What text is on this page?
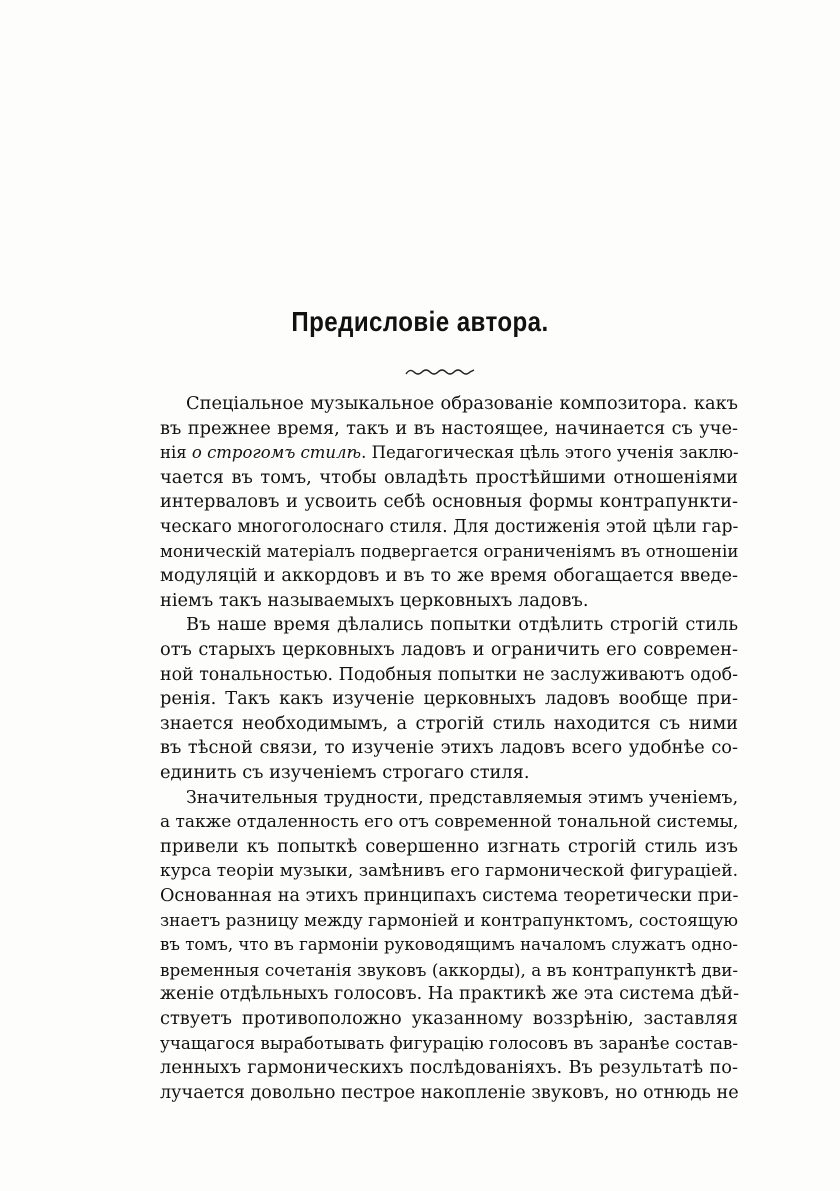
Предисловіе автора.
Спеціальное музыкальное образованіе композитора. какъ
въ прежнее время, такъ и въ настоящее, начинается съ уче-
нія о строгомъ стилѣ. Педагогическая цѣль этого ученія заклю-
чается въ томъ, чтобы овладѣть простѣйшими отношеніями
интерваловъ и усвоить себѣ основныя формы контрапункти-
ческаго многоголоснаго стиля. Для достиженія этой цѣли гар-
моническій матеріалъ подвергается ограниченіямъ въ отношеніи
модуляцій и аккордовъ и въ то же время обогащается введе-
ніемъ такъ называемыхъ церковныхъ ладовъ.
Въ наше время дѣлались попытки отдѣлить строгій стиль
отъ старыхъ церковныхъ ладовъ и ограничить его современ-
ной тональностью. Подобныя попытки не заслуживаютъ одоб-
ренія. Такъ какъ изученіе церковныхъ ладовъ вообще при-
знается необходимымъ, а строгій стиль находится съ ними
въ тѣсной связи, то изученіе этихъ ладовъ всего удобнѣе со-
единить съ изученіемъ строгаго стиля.
Значительныя трудности, представляемыя этимъ ученіемъ,
а также отдаленность его отъ современной тональной системы,
привели къ попыткѣ совершенно изгнать строгій стиль изъ
курса теоріи музыки, замѣнивъ его гармонической фигураціей.
Основанная на этихъ принципахъ система теоретически при-
знаетъ разницу между гармоніей и контрапунктомъ, состоящую
въ томъ, что въ гармоніи руководящимъ началомъ служатъ одно-
временныя сочетанія звуковъ (аккорды), а въ контрапунктѣ дви-
женіе отдѣльныхъ голосовъ. На практикѣ же эта система дѣй-
ствуетъ противоположно указанному воззрѣнію, заставляя
учащагося выработывать фигурацію голосовъ въ заранѣе состав-
ленныхъ гармоническихъ послѣдованіяхъ. Въ результатѣ по-
лучается довольно пестрое накопленіе звуковъ, но отнюдь не
